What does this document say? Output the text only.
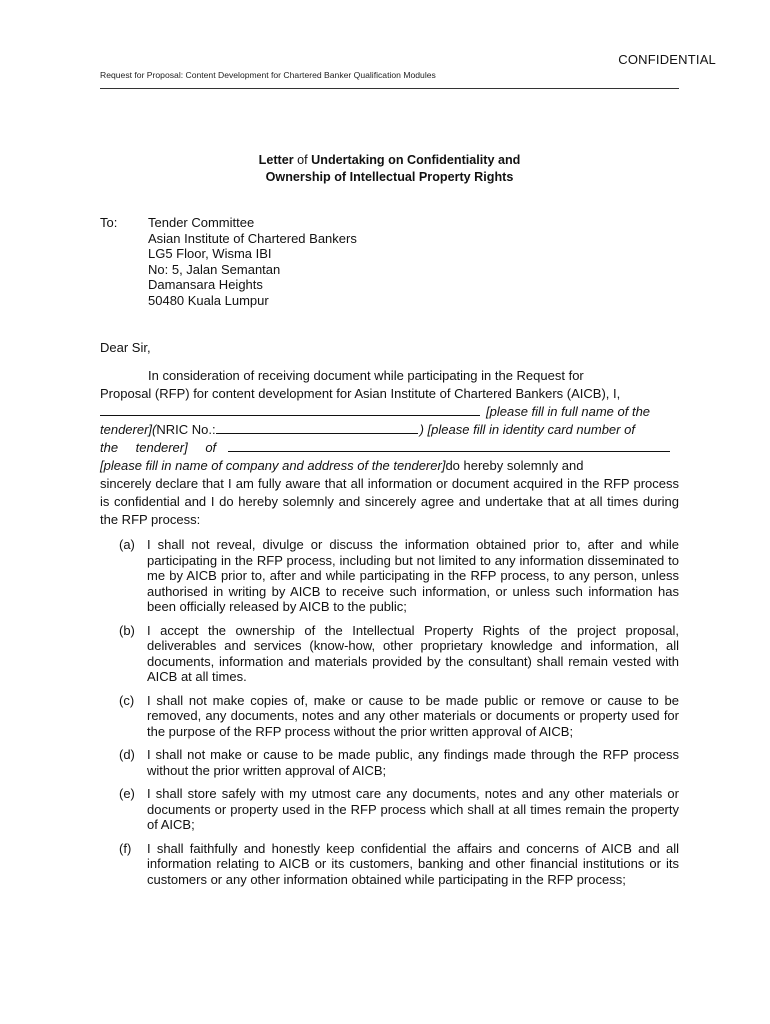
CONFIDENTIAL
Request for Proposal: Content Development for Chartered Banker Qualification Modules
Letter of Undertaking on Confidentiality and
Ownership of Intellectual Property Rights
To: Tender Committee
Asian Institute of Chartered Bankers
LG5 Floor, Wisma IBI
No: 5, Jalan Semantan
Damansara Heights
50480 Kuala Lumpur
Dear Sir,
In consideration of receiving document while participating in the Request for
Proposal (RFP) for content development for Asian Institute of Chartered Bankers (AICB), I,
[please fill in full name of the
tenderer]( NRIC No.:	) [please fill in identity card number of
the tenderer] of
[please fill in name of company and address of the tenderer] do hereby solemnly and
sincerely declare that I am fully aware that all information or document acquired in the RFP process is confidential and I do hereby solemnly and sincerely agree and undertake that at all times during the RFP process:
(a) I shall not reveal, divulge or discuss the information obtained prior to, after and while participating in the RFP process, including but not limited to any information disseminated to me by AICB prior to, after and while participating in the RFP process, to any person, unless authorised in writing by AICB to receive such information, or unless such information has been officially released by AICB to the public;
(b) I accept the ownership of the Intellectual Property Rights of the project proposal, deliverables and services (know-how, other proprietary knowledge and information, all documents, information and materials provided by the consultant) shall remain vested with AICB at all times.
(c) I shall not make copies of, make or cause to be made public or remove or cause to be removed, any documents, notes and any other materials or documents or property used for the purpose of the RFP process without the prior written approval of AICB;
(d) I shall not make or cause to be made public, any findings made through the RFP process without the prior written approval of AICB;
(e) I shall store safely with my utmost care any documents, notes and any other materials or documents or property used in the RFP process which shall at all times remain the property of AICB;
(f) I shall faithfully and honestly keep confidential the affairs and concerns of AICB and all information relating to AICB or its customers, banking and other financial institutions or its customers or any other information obtained while participating in the RFP process;
